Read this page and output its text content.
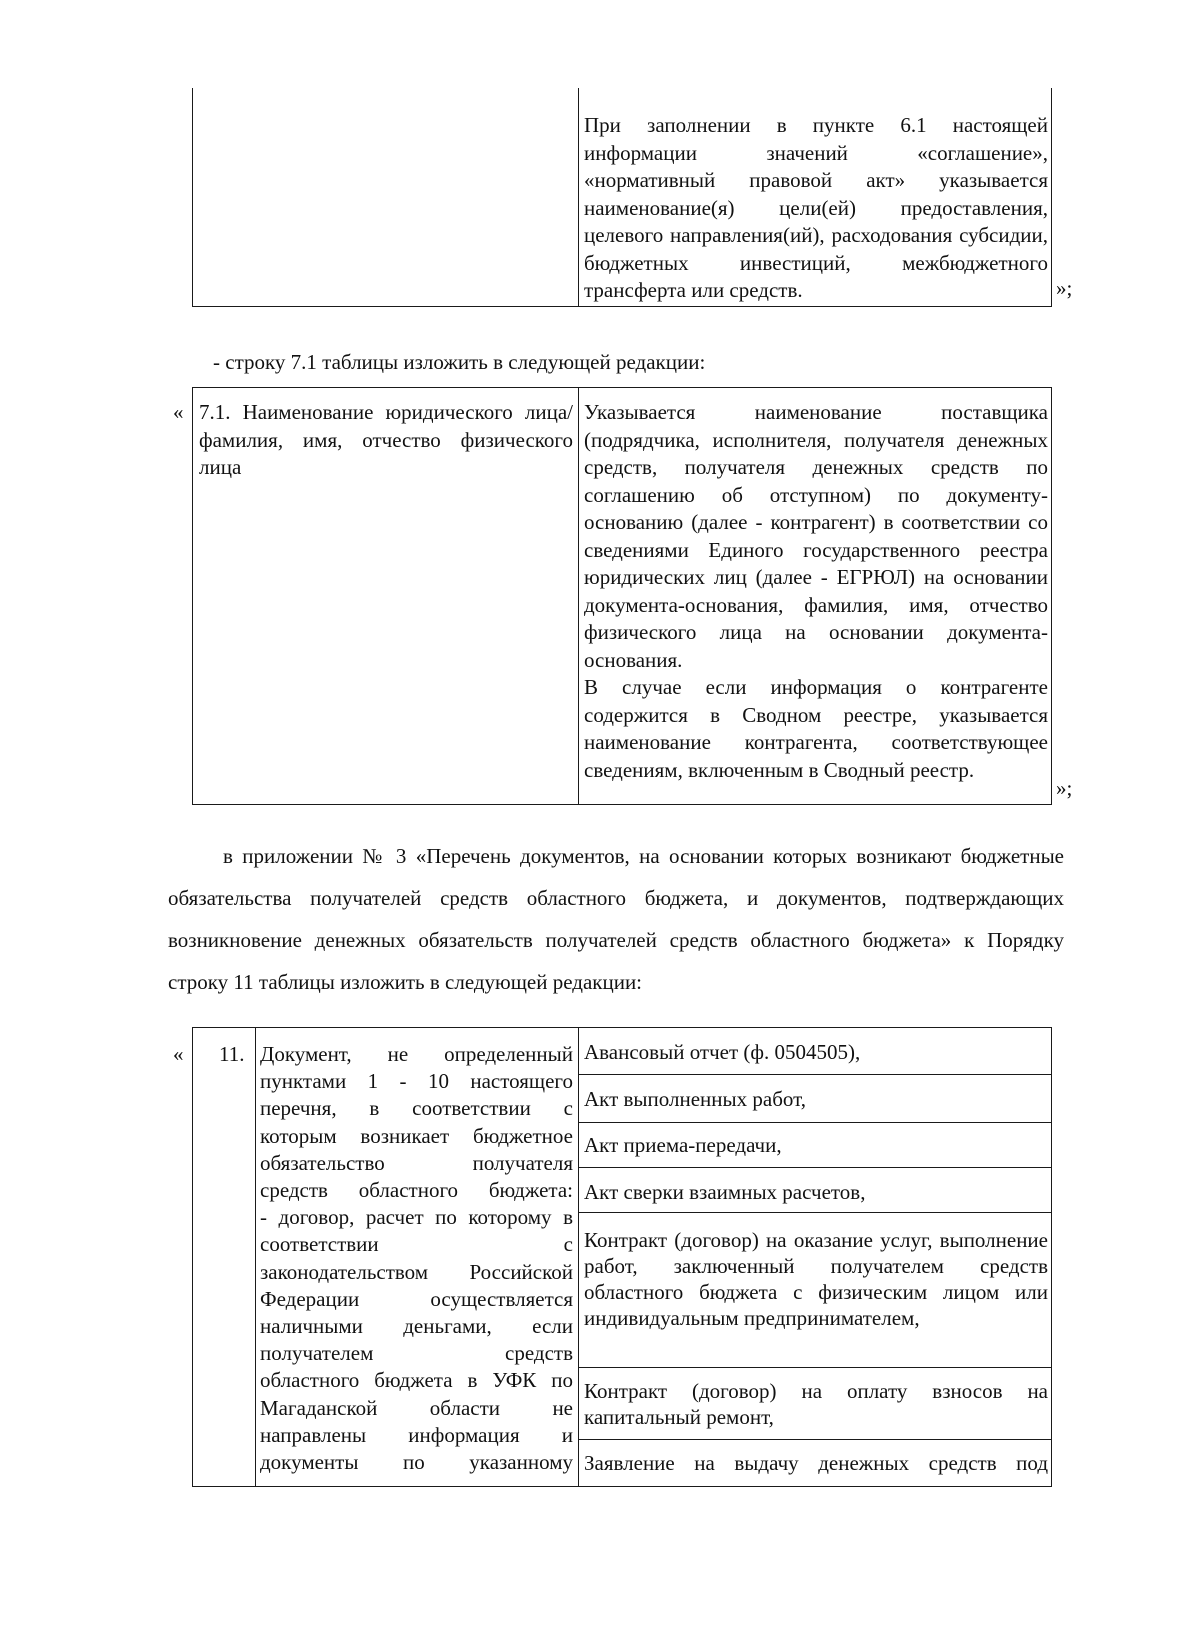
При заполнении в пункте 6.1 настоящей информации значений «соглашение», «нормативный правовой акт» указывается наименование(я) цели(ей) предоставления, целевого направления(ий), расходования субсидии, бюджетных инвестиций, межбюджетного трансферта или средств.	»;
- строку 7.1 таблицы изложить в следующей редакции:
« 7.1. Наименование юридического лица/фамилия, имя, отчество физического лица
Указывается наименование поставщика (подрядчика, исполнителя, получателя денежных средств, получателя денежных средств по соглашению об отступном) по документу-основанию (далее - контрагент) в соответствии со сведениями Единого государственного реестра юридических лиц (далее - ЕГРЮЛ) на основании документа-основания, фамилия, имя, отчество физического лица на основании документа-основания.
В случае если информация о контрагенте содержится в Сводном реестре, указывается наименование контрагента, соответствующее сведениям, включенным в Сводный реестр.
»;
в приложении № 3 «Перечень документов, на основании которых возникают бюджетные обязательства получателей средств областного бюджета, и документов, подтверждающих возникновение денежных обязательств получателей средств областного бюджета» к Порядку строку 11 таблицы изложить в следующей редакции:
« 11. Документ, не определенный
пунктами 1 - 10 настоящего
перечня, в соответствии с
которым возникает бюджетное
обязательство получателя
средств областного бюджета:
- договор, расчет по которому в
соответствии с
законодательством Российской
Федерации осуществляется
наличными деньгами, если
получателем средств
областного бюджета в УФК по
Магаданской области не
направлены информация и
документы по указанному
Авансовый отчет (ф. 0504505),
Акт выполненных работ,
Акт приема-передачи,
Акт сверки взаимных расчетов,
Контракт (договор) на оказание услуг, выполнение работ, заключенный получателем средств областного бюджета с физическим лицом или индивидуальным предпринимателем,
Контракт (договор) на оплату взносов на капитальный ремонт,
Заявление на выдачу денежных средств под
